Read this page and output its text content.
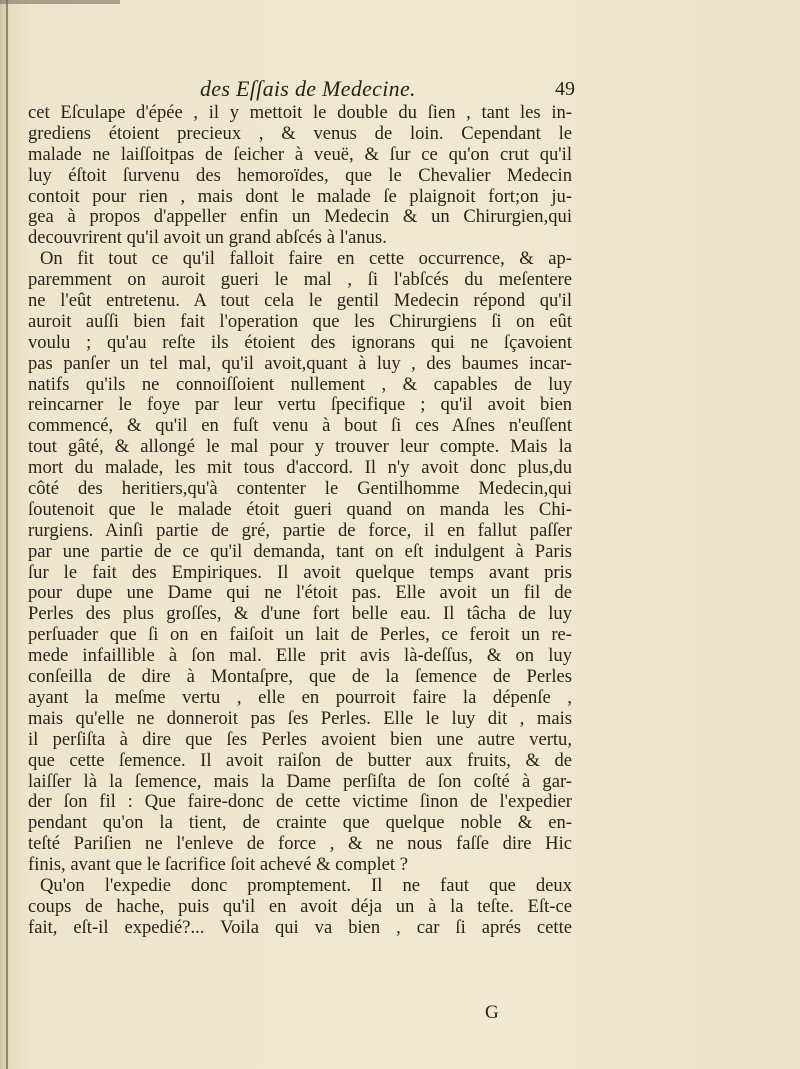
des Eſſais de Medecine.	49
cet Eſculape d'épée , il y mettoit le double du ſien , tant les in-
grediens étoient precieux , & venus de loin. Cependant le
malade ne laiſſoitpas de ſeicher à veuë, & ſur ce qu'on crut qu'il
luy éſtoit ſurvenu des hemoroïdes, que le Chevalier Medecin
contoit pour rien , mais dont le malade ſe plaignoit fort;on ju-
gea à propos d'appeller enfin un Medecin & un Chirurgien,qui
decouvrirent qu'il avoit un grand abſcés à l'anus.
On fit tout ce qu'il falloit faire en cette occurrence, & ap-
paremment on auroit gueri le mal , ſi l'abſcés du meſentere
ne l'eût entretenu. A tout cela le gentil Medecin répond qu'il
auroit auſſi bien fait l'operation que les Chirurgiens ſi on eût
voulu ; qu'au reſte ils étoient des ignorans qui ne ſçavoient
pas panſer un tel mal, qu'il avoit,quant à luy , des baumes incar-
natifs qu'ils ne connoiſſoient nullement , & capables de luy
reincarner le foye par leur vertu ſpecifique ; qu'il avoit bien
commencé, & qu'il en fuſt venu à bout ſi ces Aſnes n'euſſent
tout gâté, & allongé le mal pour y trouver leur compte. Mais la
mort du malade, les mit tous d'accord. Il n'y avoit donc plus,du
côté des heritiers,qu'à contenter le Gentilhomme Medecin,qui
ſoutenoit que le malade étoit gueri quand on manda les Chi-
rurgiens. Ainſi partie de gré, partie de force, il en fallut paſſer
par une partie de ce qu'il demanda, tant on eſt indulgent à Paris
ſur le fait des Empiriques. Il avoit quelque temps avant pris
pour dupe une Dame qui ne l'étoit pas. Elle avoit un fil de
Perles des plus groſſes, & d'une fort belle eau. Il tâcha de luy
perſuader que ſi on en faiſoit un lait de Perles, ce feroit un re-
mede infaillible à ſon mal. Elle prit avis là-deſſus, & on luy
conſeilla de dire à Montaſpre, que de la ſemence de Perles
ayant la meſme vertu , elle en pourroit faire la dépenſe ,
mais qu'elle ne donneroit pas ſes Perles. Elle le luy dit , mais
il perſiſta à dire que ſes Perles avoient bien une autre vertu,
que cette ſemence. Il avoit raiſon de butter aux fruits, & de
laiſſer là la ſemence, mais la Dame perſiſta de ſon coſté à gar-
der ſon fil : Que faire-donc de cette victime ſinon de l'expedier
pendant qu'on la tient, de crainte que quelque noble & en-
teſté Pariſien ne l'enleve de force , & ne nous faſſe dire Hic
finis, avant que le ſacrifice ſoit achevé & complet ?
Qu'on l'expedie donc promptement. Il ne faut que deux
coups de hache, puis qu'il en avoit déja un à la teſte. Eſt-ce
fait, eſt-il expedié?... Voila qui va bien , car ſi aprés cette
G
